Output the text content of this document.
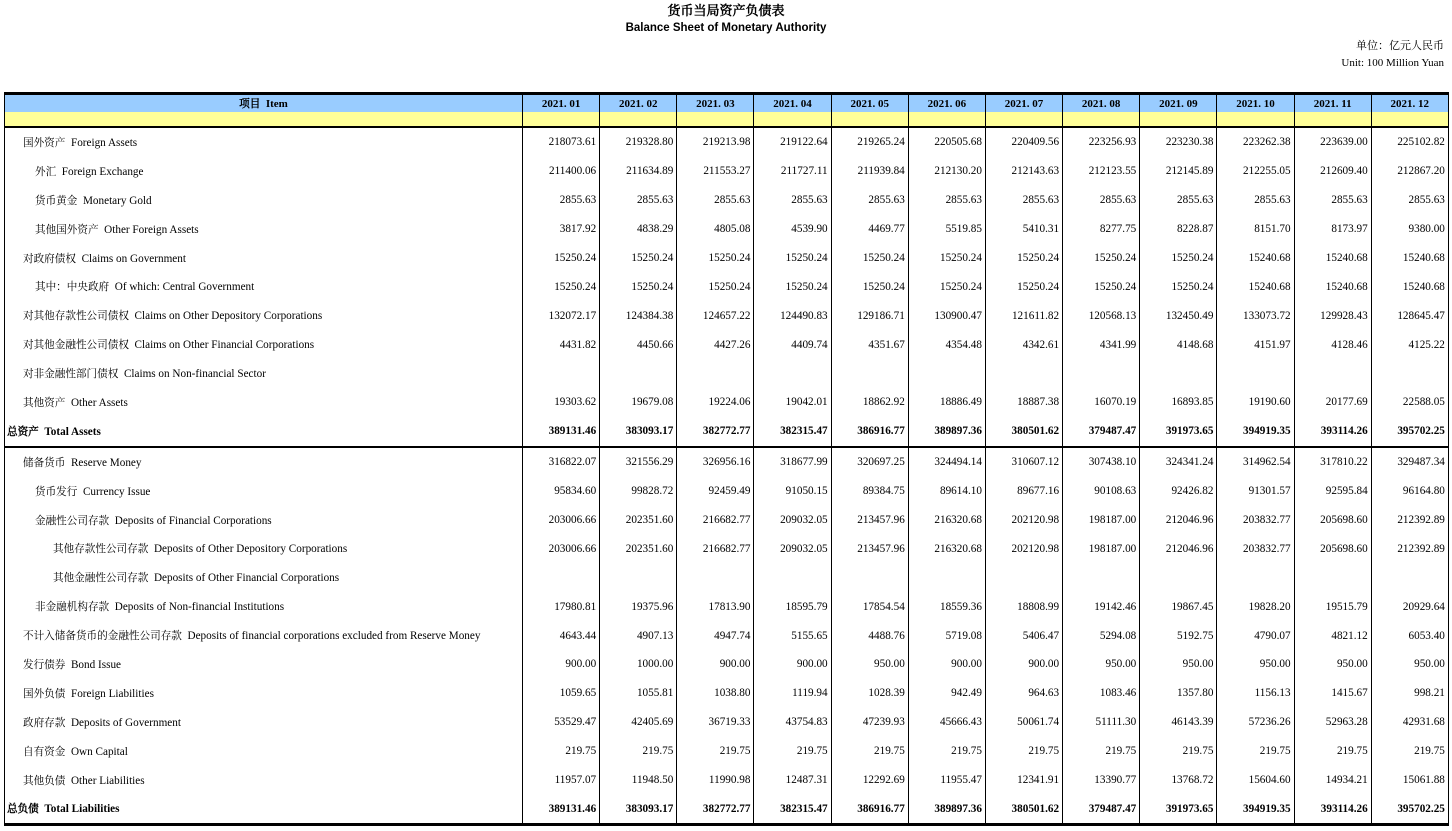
货币当局资产负债表
Balance Sheet of Monetary Authority
单位：亿元人民币
Unit: 100 Million Yuan
项目 Item	2021. 01	2021. 02	2021. 03	2021. 04	2021. 05	2021. 06	2021. 07	2021. 08	2021. 09	2021. 10	2021. 11	2021. 12

国外资产 Foreign Assets	218073.61	219328.80	219213.98	219122.64	219265.24	220505.68	220409.56	223256.93	223230.38	223262.38	223639.00	225102.82
外汇 Foreign Exchange	211400.06	211634.89	211553.27	211727.11	211939.84	212130.20	212143.63	212123.55	212145.89	212255.05	212609.40	212867.20
货币黄金 Monetary Gold	2855.63	2855.63	2855.63	2855.63	2855.63	2855.63	2855.63	2855.63	2855.63	2855.63	2855.63	2855.63
其他国外资产 Other Foreign Assets	3817.92	4838.29	4805.08	4539.90	4469.77	5519.85	5410.31	8277.75	8228.87	8151.70	8173.97	9380.00
对政府债权 Claims on Government	15250.24	15250.24	15250.24	15250.24	15250.24	15250.24	15250.24	15250.24	15250.24	15240.68	15240.68	15240.68
其中：中央政府 Of which: Central Government	15250.24	15250.24	15250.24	15250.24	15250.24	15250.24	15250.24	15250.24	15250.24	15240.68	15240.68	15240.68
对其他存款性公司债权 Claims on Other Depository Corporations	132072.17	124384.38	124657.22	124490.83	129186.71	130900.47	121611.82	120568.13	132450.49	133073.72	129928.43	128645.47
对其他金融性公司债权 Claims on Other Financial Corporations	4431.82	4450.66	4427.26	4409.74	4351.67	4354.48	4342.61	4341.99	4148.68	4151.97	4128.46	4125.22
对非金融性部门债权 Claims on Non-financial Sector												
其他资产 Other Assets	19303.62	19679.08	19224.06	19042.01	18862.92	18886.49	18887.38	16070.19	16893.85	19190.60	20177.69	22588.05
总资产 Total Assets	389131.46	383093.17	382772.77	382315.47	386916.77	389897.36	380501.62	379487.47	391973.65	394919.35	393114.26	395702.25
储备货币 Reserve Money	316822.07	321556.29	326956.16	318677.99	320697.25	324494.14	310607.12	307438.10	324341.24	314962.54	317810.22	329487.34
货币发行 Currency Issue	95834.60	99828.72	92459.49	91050.15	89384.75	89614.10	89677.16	90108.63	92426.82	91301.57	92595.84	96164.80
金融性公司存款 Deposits of Financial Corporations	203006.66	202351.60	216682.77	209032.05	213457.96	216320.68	202120.98	198187.00	212046.96	203832.77	205698.60	212392.89
其他存款性公司存款 Deposits of Other Depository Corporations	203006.66	202351.60	216682.77	209032.05	213457.96	216320.68	202120.98	198187.00	212046.96	203832.77	205698.60	212392.89
其他金融性公司存款 Deposits of Other Financial Corporations												
非金融机构存款 Deposits of Non-financial Institutions	17980.81	19375.96	17813.90	18595.79	17854.54	18559.36	18808.99	19142.46	19867.45	19828.20	19515.79	20929.64
不计入储备货币的金融性公司存款 Deposits of financial corporations excluded from Reserve Money	4643.44	4907.13	4947.74	5155.65	4488.76	5719.08	5406.47	5294.08	5192.75	4790.07	4821.12	6053.40
发行债券 Bond Issue	900.00	1000.00	900.00	900.00	950.00	900.00	900.00	950.00	950.00	950.00	950.00	950.00
国外负债 Foreign Liabilities	1059.65	1055.81	1038.80	1119.94	1028.39	942.49	964.63	1083.46	1357.80	1156.13	1415.67	998.21
政府存款 Deposits of Government	53529.47	42405.69	36719.33	43754.83	47239.93	45666.43	50061.74	51111.30	46143.39	57236.26	52963.28	42931.68
自有资金 Own Capital	219.75	219.75	219.75	219.75	219.75	219.75	219.75	219.75	219.75	219.75	219.75	219.75
其他负债 Other Liabilities	11957.07	11948.50	11990.98	12487.31	12292.69	11955.47	12341.91	13390.77	13768.72	15604.60	14934.21	15061.88
总负债 Total Liabilities	389131.46	383093.17	382772.77	382315.47	386916.77	389897.36	380501.62	379487.47	391973.65	394919.35	393114.26	395702.25
